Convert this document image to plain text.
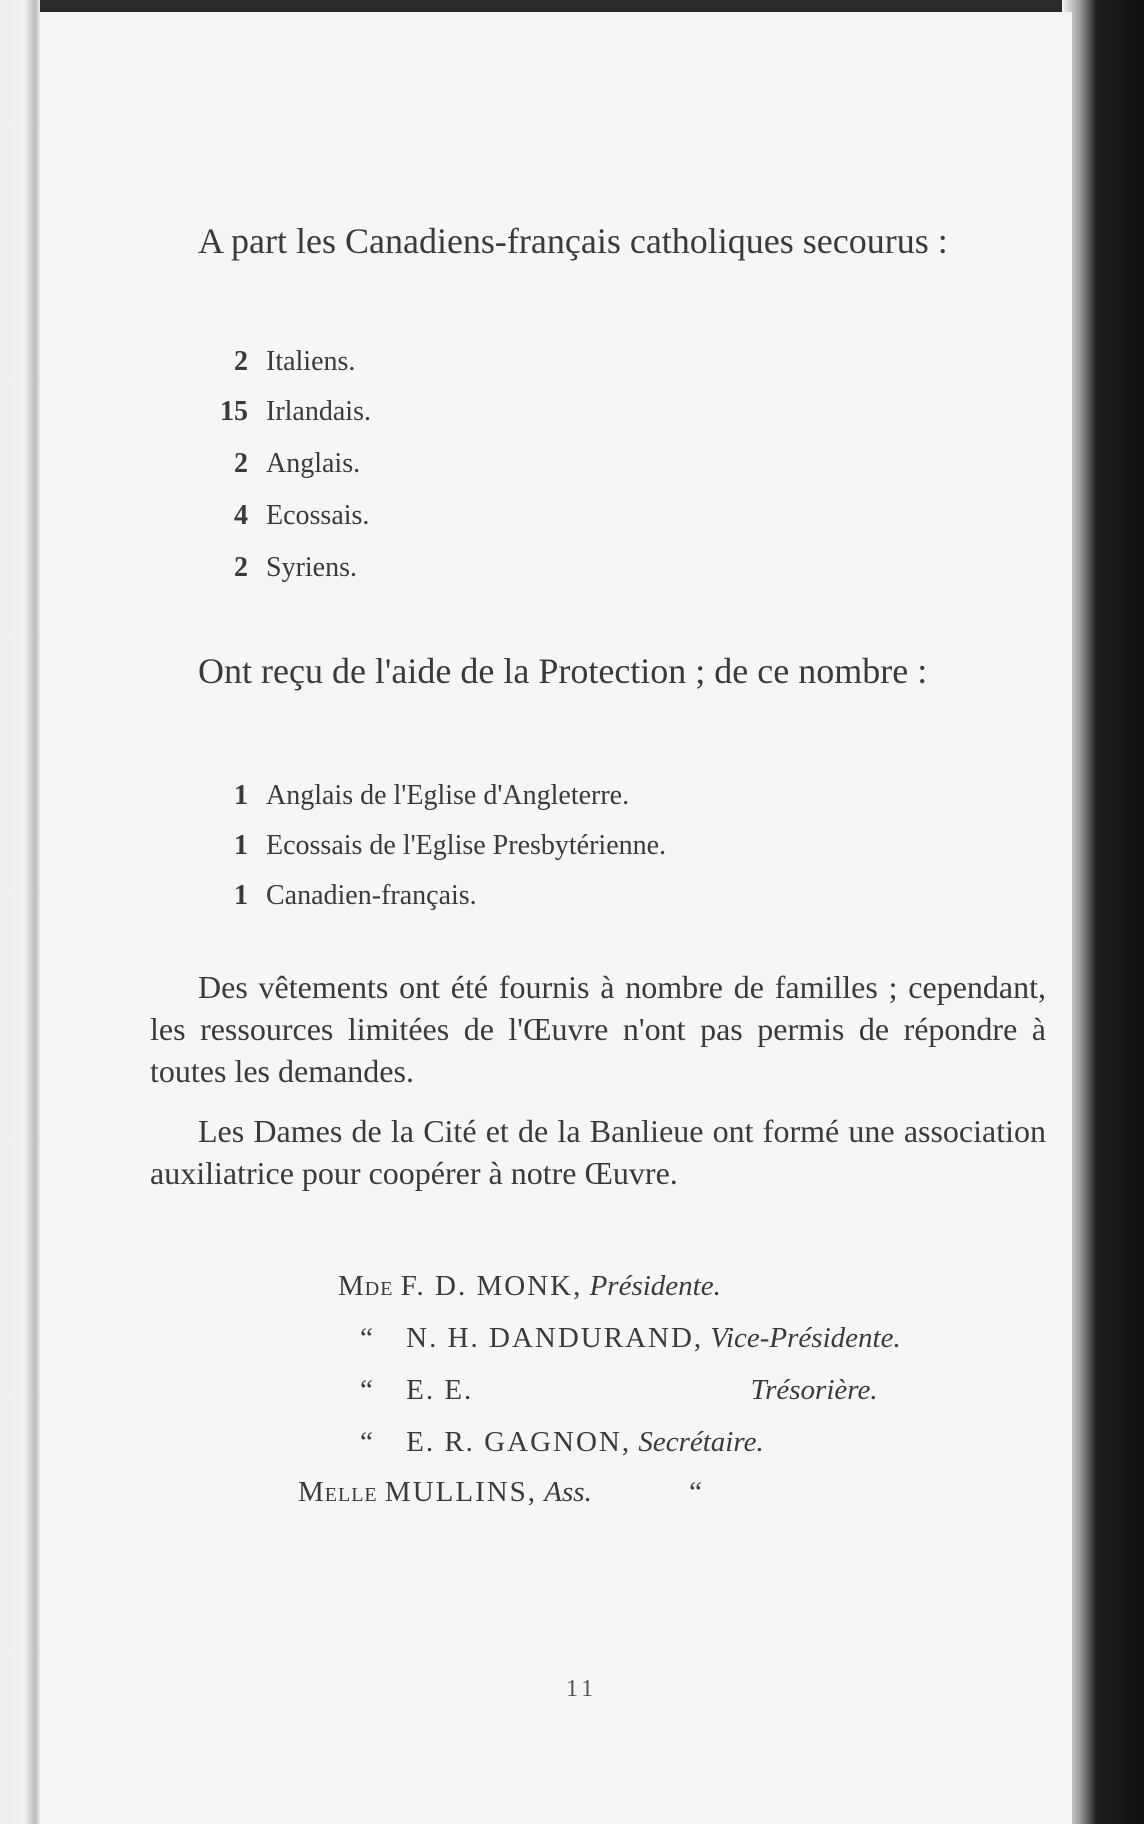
A part les Canadiens-français catholiques secourus :
2 Italiens.
15 Irlandais.
2 Anglais.
4 Ecossais.
2 Syriens.
Ont reçu de l'aide de la Protection ; de ce nombre :
1 Anglais de l'Eglise d'Angleterre.
1 Ecossais de l'Eglise Presbytérienne.
1 Canadien-français.
Des vêtements ont été fournis à nombre de familles ; cependant, les ressources limitées de l'Œuvre n'ont pas permis de répondre à toutes les demandes.
Les Dames de la Cité et de la Banlieue ont formé une association auxiliatrice pour coopérer à notre Œuvre.
Mde F. D. MONK, Présidente.
“ N. H. DANDURAND, Vice-Présidente.
“ E. E.	Trésorière.
“ E. R. GAGNON, Secrétaire.
Melle MULLINS, Ass.	“
11
